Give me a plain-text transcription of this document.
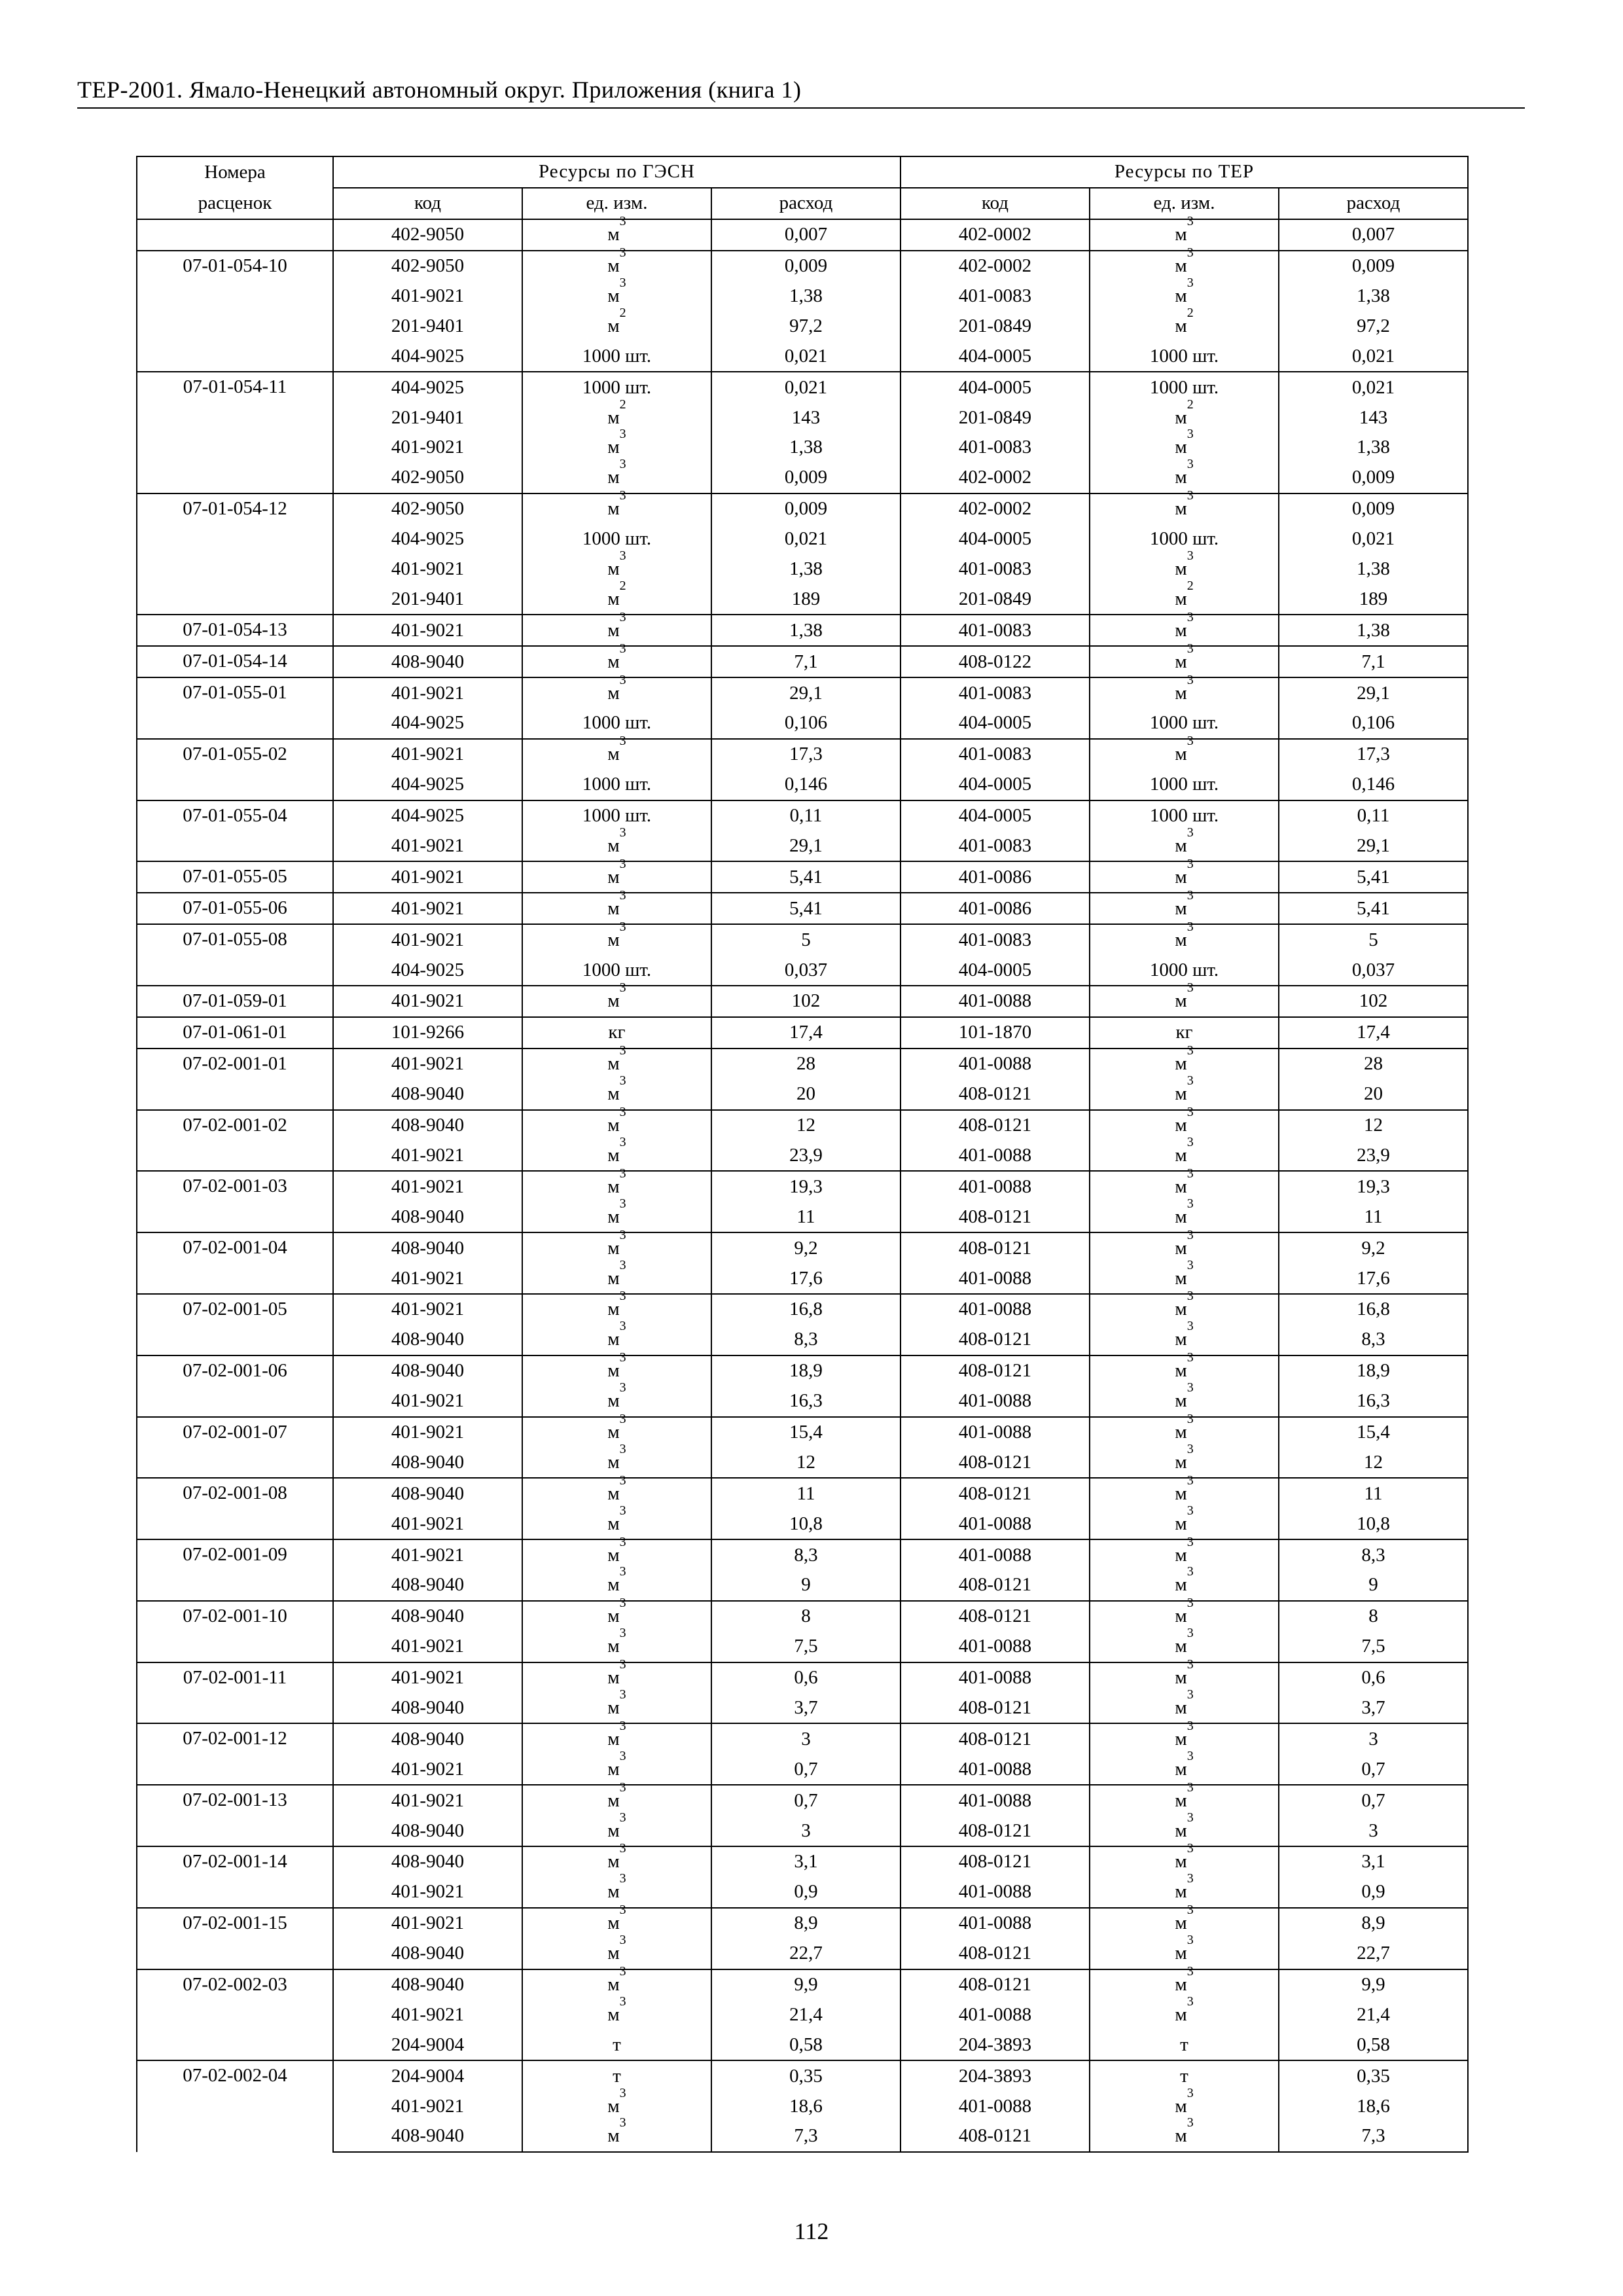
ТЕР-2001. Ямало-Ненецкий автономный округ. Приложения (книга 1)
Номера	Ресурсы по ГЭСН			Ресурсы по ТЕР		
расценок	код	ед. изм.	расход	код	ед. изм.	расход
	402-9050	$м^3$	0,007	402-0002	$м^3$	0,007
07-01-054-10	402-9050	$м^3$	0,009	402-0002	$м^3$	0,009
	401-9021	$м^3$	1,38	401-0083	$м^3$	1,38
	201-9401	$м^2$	97,2	201-0849	$м^2$	97,2
	404-9025	1000 шт.	0,021	404-0005	1000 шт.	0,021
07-01-054-11	404-9025	1000 шт.	0,021	404-0005	1000 шт.	0,021
	201-9401	$м^2$	143	201-0849	$м^2$	143
	401-9021	$м^3$	1,38	401-0083	$м^3$	1,38
	402-9050	$м^3$	0,009	402-0002	$м^3$	0,009
07-01-054-12	402-9050	$м^3$	0,009	402-0002	$м^3$	0,009
	404-9025	1000 шт.	0,021	404-0005	1000 шт.	0,021
	401-9021	$м^3$	1,38	401-0083	$м^3$	1,38
	201-9401	$м^2$	189	201-0849	$м^2$	189
07-01-054-13	401-9021	$м^3$	1,38	401-0083	$м^3$	1,38
07-01-054-14	408-9040	$м^3$	7,1	408-0122	$м^3$	7,1
07-01-055-01	401-9021	$м^3$	29,1	401-0083	$м^3$	29,1
	404-9025	1000 шт.	0,106	404-0005	1000 шт.	0,106
07-01-055-02	401-9021	$м^3$	17,3	401-0083	$м^3$	17,3
	404-9025	1000 шт.	0,146	404-0005	1000 шт.	0,146
07-01-055-04	404-9025	1000 шт.	0,11	404-0005	1000 шт.	0,11
	401-9021	$м^3$	29,1	401-0083	$м^3$	29,1
07-01-055-05	401-9021	$м^3$	5,41	401-0086	$м^3$	5,41
07-01-055-06	401-9021	$м^3$	5,41	401-0086	$м^3$	5,41
07-01-055-08	401-9021	$м^3$	5	401-0083	$м^3$	5
	404-9025	1000 шт.	0,037	404-0005	1000 шт.	0,037
07-01-059-01	401-9021	$м^3$	102	401-0088	$м^3$	102
07-01-061-01	101-9266	кг	17,4	101-1870	кг	17,4
07-02-001-01	401-9021	$м^3$	28	401-0088	$м^3$	28
	408-9040	$м^3$	20	408-0121	$м^3$	20
07-02-001-02	408-9040	$м^3$	12	408-0121	$м^3$	12
	401-9021	$м^3$	23,9	401-0088	$м^3$	23,9
07-02-001-03	401-9021	$м^3$	19,3	401-0088	$м^3$	19,3
	408-9040	$м^3$	11	408-0121	$м^3$	11
07-02-001-04	408-9040	$м^3$	9,2	408-0121	$м^3$	9,2
	401-9021	$м^3$	17,6	401-0088	$м^3$	17,6
07-02-001-05	401-9021	$м^3$	16,8	401-0088	$м^3$	16,8
	408-9040	$м^3$	8,3	408-0121	$м^3$	8,3
07-02-001-06	408-9040	$м^3$	18,9	408-0121	$м^3$	18,9
	401-9021	$м^3$	16,3	401-0088	$м^3$	16,3
07-02-001-07	401-9021	$м^3$	15,4	401-0088	$м^3$	15,4
	408-9040	$м^3$	12	408-0121	$м^3$	12
07-02-001-08	408-9040	$м^3$	11	408-0121	$м^3$	11
	401-9021	$м^3$	10,8	401-0088	$м^3$	10,8
07-02-001-09	401-9021	$м^3$	8,3	401-0088	$м^3$	8,3
	408-9040	$м^3$	9	408-0121	$м^3$	9
07-02-001-10	408-9040	$м^3$	8	408-0121	$м^3$	8
	401-9021	$м^3$	7,5	401-0088	$м^3$	7,5
07-02-001-11	401-9021	$м^3$	0,6	401-0088	$м^3$	0,6
	408-9040	$м^3$	3,7	408-0121	$м^3$	3,7
07-02-001-12	408-9040	$м^3$	3	408-0121	$м^3$	3
	401-9021	$м^3$	0,7	401-0088	$м^3$	0,7
07-02-001-13	401-9021	$м^3$	0,7	401-0088	$м^3$	0,7
	408-9040	$м^3$	3	408-0121	$м^3$	3
07-02-001-14	408-9040	$м^3$	3,1	408-0121	$м^3$	3,1
	401-9021	$м^3$	0,9	401-0088	$м^3$	0,9
07-02-001-15	401-9021	$м^3$	8,9	401-0088	$м^3$	8,9
	408-9040	$м^3$	22,7	408-0121	$м^3$	22,7
07-02-002-03	408-9040	$м^3$	9,9	408-0121	$м^3$	9,9
	401-9021	$м^3$	21,4	401-0088	$м^3$	21,4
	204-9004	т	0,58	204-3893	т	0,58
07-02-002-04	204-9004	т	0,35	204-3893	т	0,35
	401-9021	$м^3$	18,6	401-0088	$м^3$	18,6
	408-9040	$м^3$	7,3	408-0121	$м^3$	7,3
112
